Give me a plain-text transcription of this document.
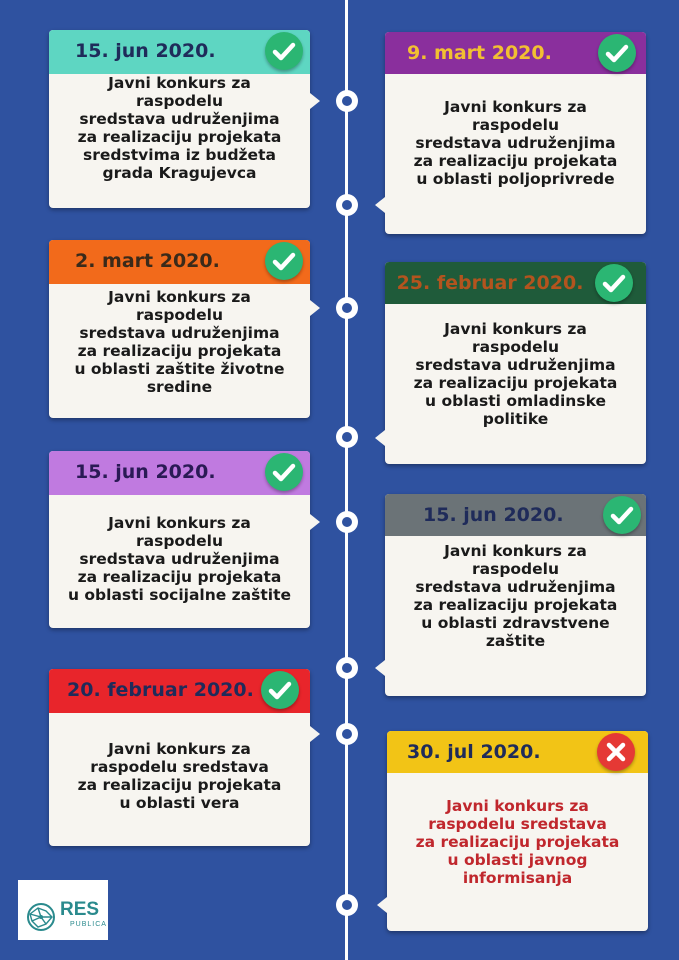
15. jun 2020.
Javni konkurs za
raspodelu
sredstava udruženjima
za realizaciju projekata
sredstvima iz budžeta
grada Kragujevca
9. mart 2020.
Javni konkurs za
raspodelu
sredstava udruženjima
za realizaciju projekata
u oblasti poljoprivrede
2. mart 2020.
Javni konkurs za
raspodelu
sredstava udruženjima
za realizaciju projekata
u oblasti zaštite životne
sredine
25. februar 2020.
Javni konkurs za
raspodelu
sredstava udruženjima
za realizaciju projekata
u oblasti omladinske
politike
15. jun 2020.
Javni konkurs za
raspodelu
sredstava udruženjima
za realizaciju projekata
u oblasti socijalne zaštite
15. jun 2020.
Javni konkurs za
raspodelu
sredstava udruženjima
za realizaciju projekata
u oblasti zdravstvene
zaštite
20. februar 2020.
Javni konkurs za
raspodelu sredstava
za realizaciju projekata
u oblasti vera
30. jul 2020.
Javni konkurs za
raspodelu sredstava
za realizaciju projekata
u oblasti javnog
informisanja
RES
PUBLICA
